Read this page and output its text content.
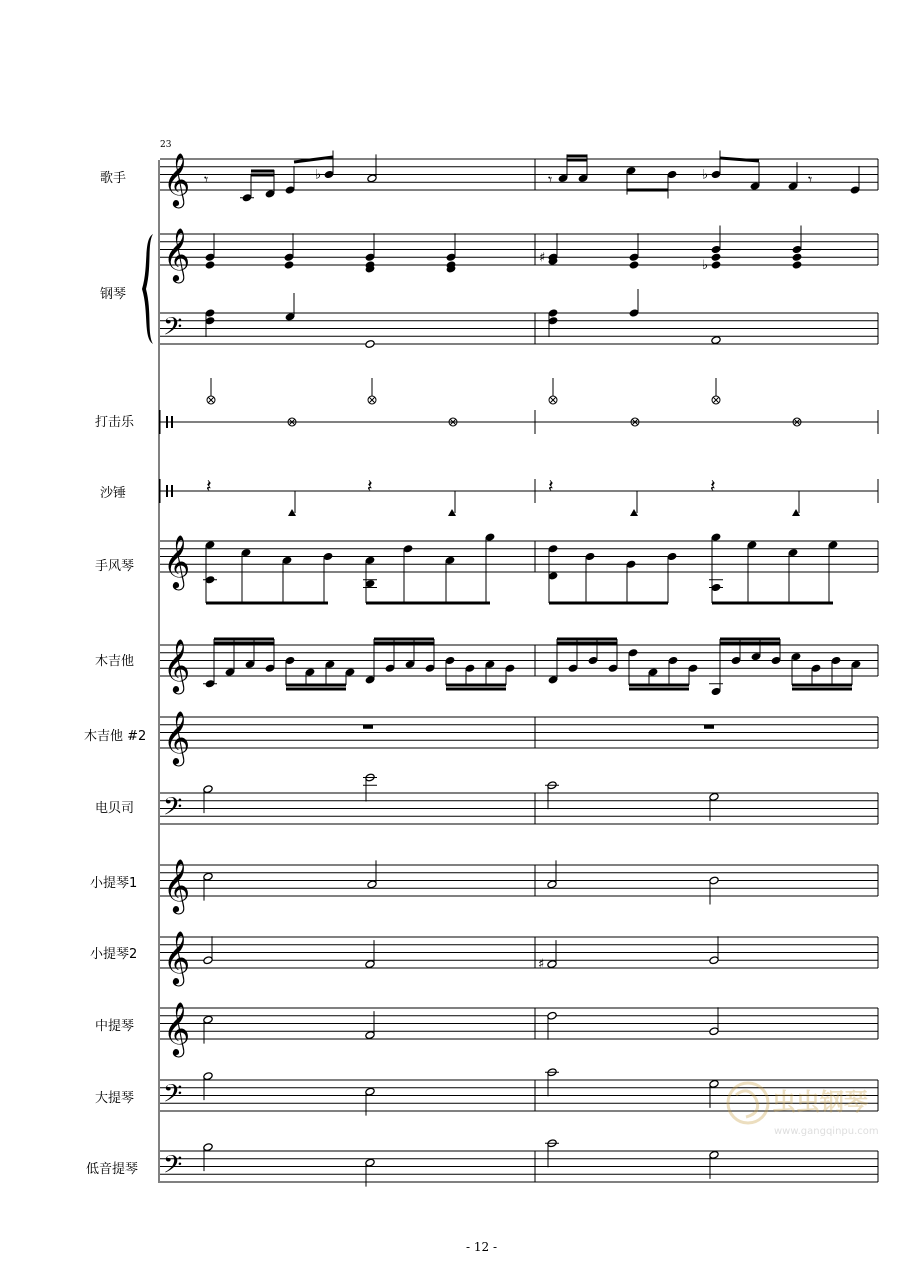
23
歌手
钢琴
打击乐
沙锤
手风琴
木吉他
木吉他 #2
电贝司
小提琴1
小提琴2
中提琴
大提琴
低音提琴
𝄞
𝄞
𝄢
𝄞
𝄞
𝄞
𝄢
𝄞
𝄞
𝄞
𝄢
𝄢
𝄾	♭	𝄾	♭	𝄾
♯
♭
𝄽	𝄽	𝄽	𝄽
♯
虫虫钢琴
www.gangqinpu.com
- 12 -
